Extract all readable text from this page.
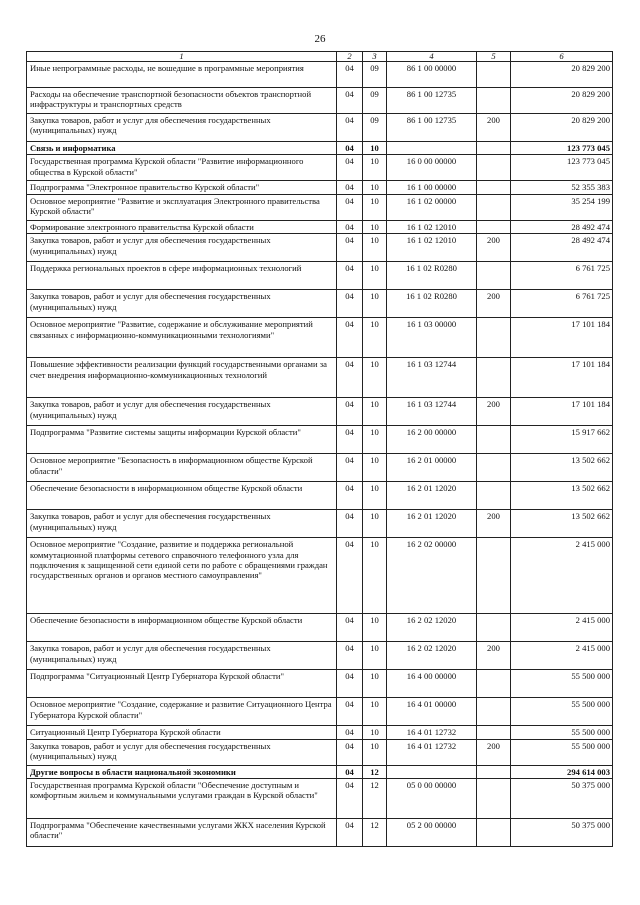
26
1	2	3	4	5	6
Иные непрограммные расходы, не вошедшие в программные мероприятия	04	09	86 1 00 00000		20 829 200
Расходы на обеспечение транспортной безопасности объектов транспортной инфраструктуры и транспортных средств	04	09	86 1 00 12735		20 829 200
Закупка товаров, работ и услуг для обеспечения государственных (муниципальных) нужд	04	09	86 1 00 12735	200	20 829 200
Связь и информатика	04	10			123 773 045
Государственная программа Курской области "Развитие информационного общества в Курской области"	04	10	16 0 00 00000		123 773 045
Подпрограмма "Электронное правительство Курской области"	04	10	16 1 00 00000		52 355 383
Основное мероприятие "Развитие и эксплуатация Электронного правительства Курской области"	04	10	16 1 02 00000		35 254 199
Формирование электронного правительства Курской области	04	10	16 1 02 12010		28 492 474
Закупка товаров, работ и услуг для обеспечения государственных (муниципальных) нужд	04	10	16 1 02 12010	200	28 492 474
Поддержка региональных проектов в сфере информационных технологий	04	10	16 1 02 R0280		6 761 725
Закупка товаров, работ и услуг для обеспечения государственных (муниципальных) нужд	04	10	16 1 02 R0280	200	6 761 725
Основное мероприятие "Развитие, содержание и обслуживание мероприятий связанных с информационно-коммуникационными технологиями"	04	10	16 1 03 00000		17 101 184
Повышение эффективности реализации функций государственными органами за счет внедрения информационно-коммуникационных технологий	04	10	16 1 03 12744		17 101 184
Закупка товаров, работ и услуг для обеспечения государственных (муниципальных) нужд	04	10	16 1 03 12744	200	17 101 184
Подпрограмма "Развитие системы защиты информации Курской области"	04	10	16 2 00 00000		15 917 662
Основное мероприятие "Безопасность в информационном обществе Курской области"	04	10	16 2 01 00000		13 502 662
Обеспечение безопасности в информационном обществе Курской области	04	10	16 2 01 12020		13 502 662
Закупка товаров, работ и услуг для обеспечения государственных (муниципальных) нужд	04	10	16 2 01 12020	200	13 502 662
Основное мероприятие "Создание, развитие и поддержка региональной коммутационной платформы сетевого справочного телефонного узла для подключения к защищенной сети единой сети по работе с обращениями граждан государственных органов и органов местного самоуправления"	04	10	16 2 02 00000		2 415 000
Обеспечение безопасности в информационном обществе Курской области	04	10	16 2 02 12020		2 415 000
Закупка товаров, работ и услуг для обеспечения государственных (муниципальных) нужд	04	10	16 2 02 12020	200	2 415 000
Подпрограмма "Ситуационный Центр Губернатора Курской области"	04	10	16 4 00 00000		55 500 000
Основное мероприятие "Создание, содержание и развитие Ситуационного Центра Губернатора Курской области"	04	10	16 4 01 00000		55 500 000
Ситуационный Центр Губернатора Курской области	04	10	16 4 01 12732		55 500 000
Закупка товаров, работ и услуг для обеспечения государственных (муниципальных) нужд	04	10	16 4 01 12732	200	55 500 000
Другие вопросы в области национальной экономики	04	12			294 614 003
Государственная программа Курской области "Обеспечение доступным и комфортным жильем и коммунальными услугами граждан в Курской области"	04	12	05 0 00 00000		50 375 000
Подпрограмма "Обеспечение качественными услугами ЖКХ населения Курской области"	04	12	05 2 00 00000		50 375 000
